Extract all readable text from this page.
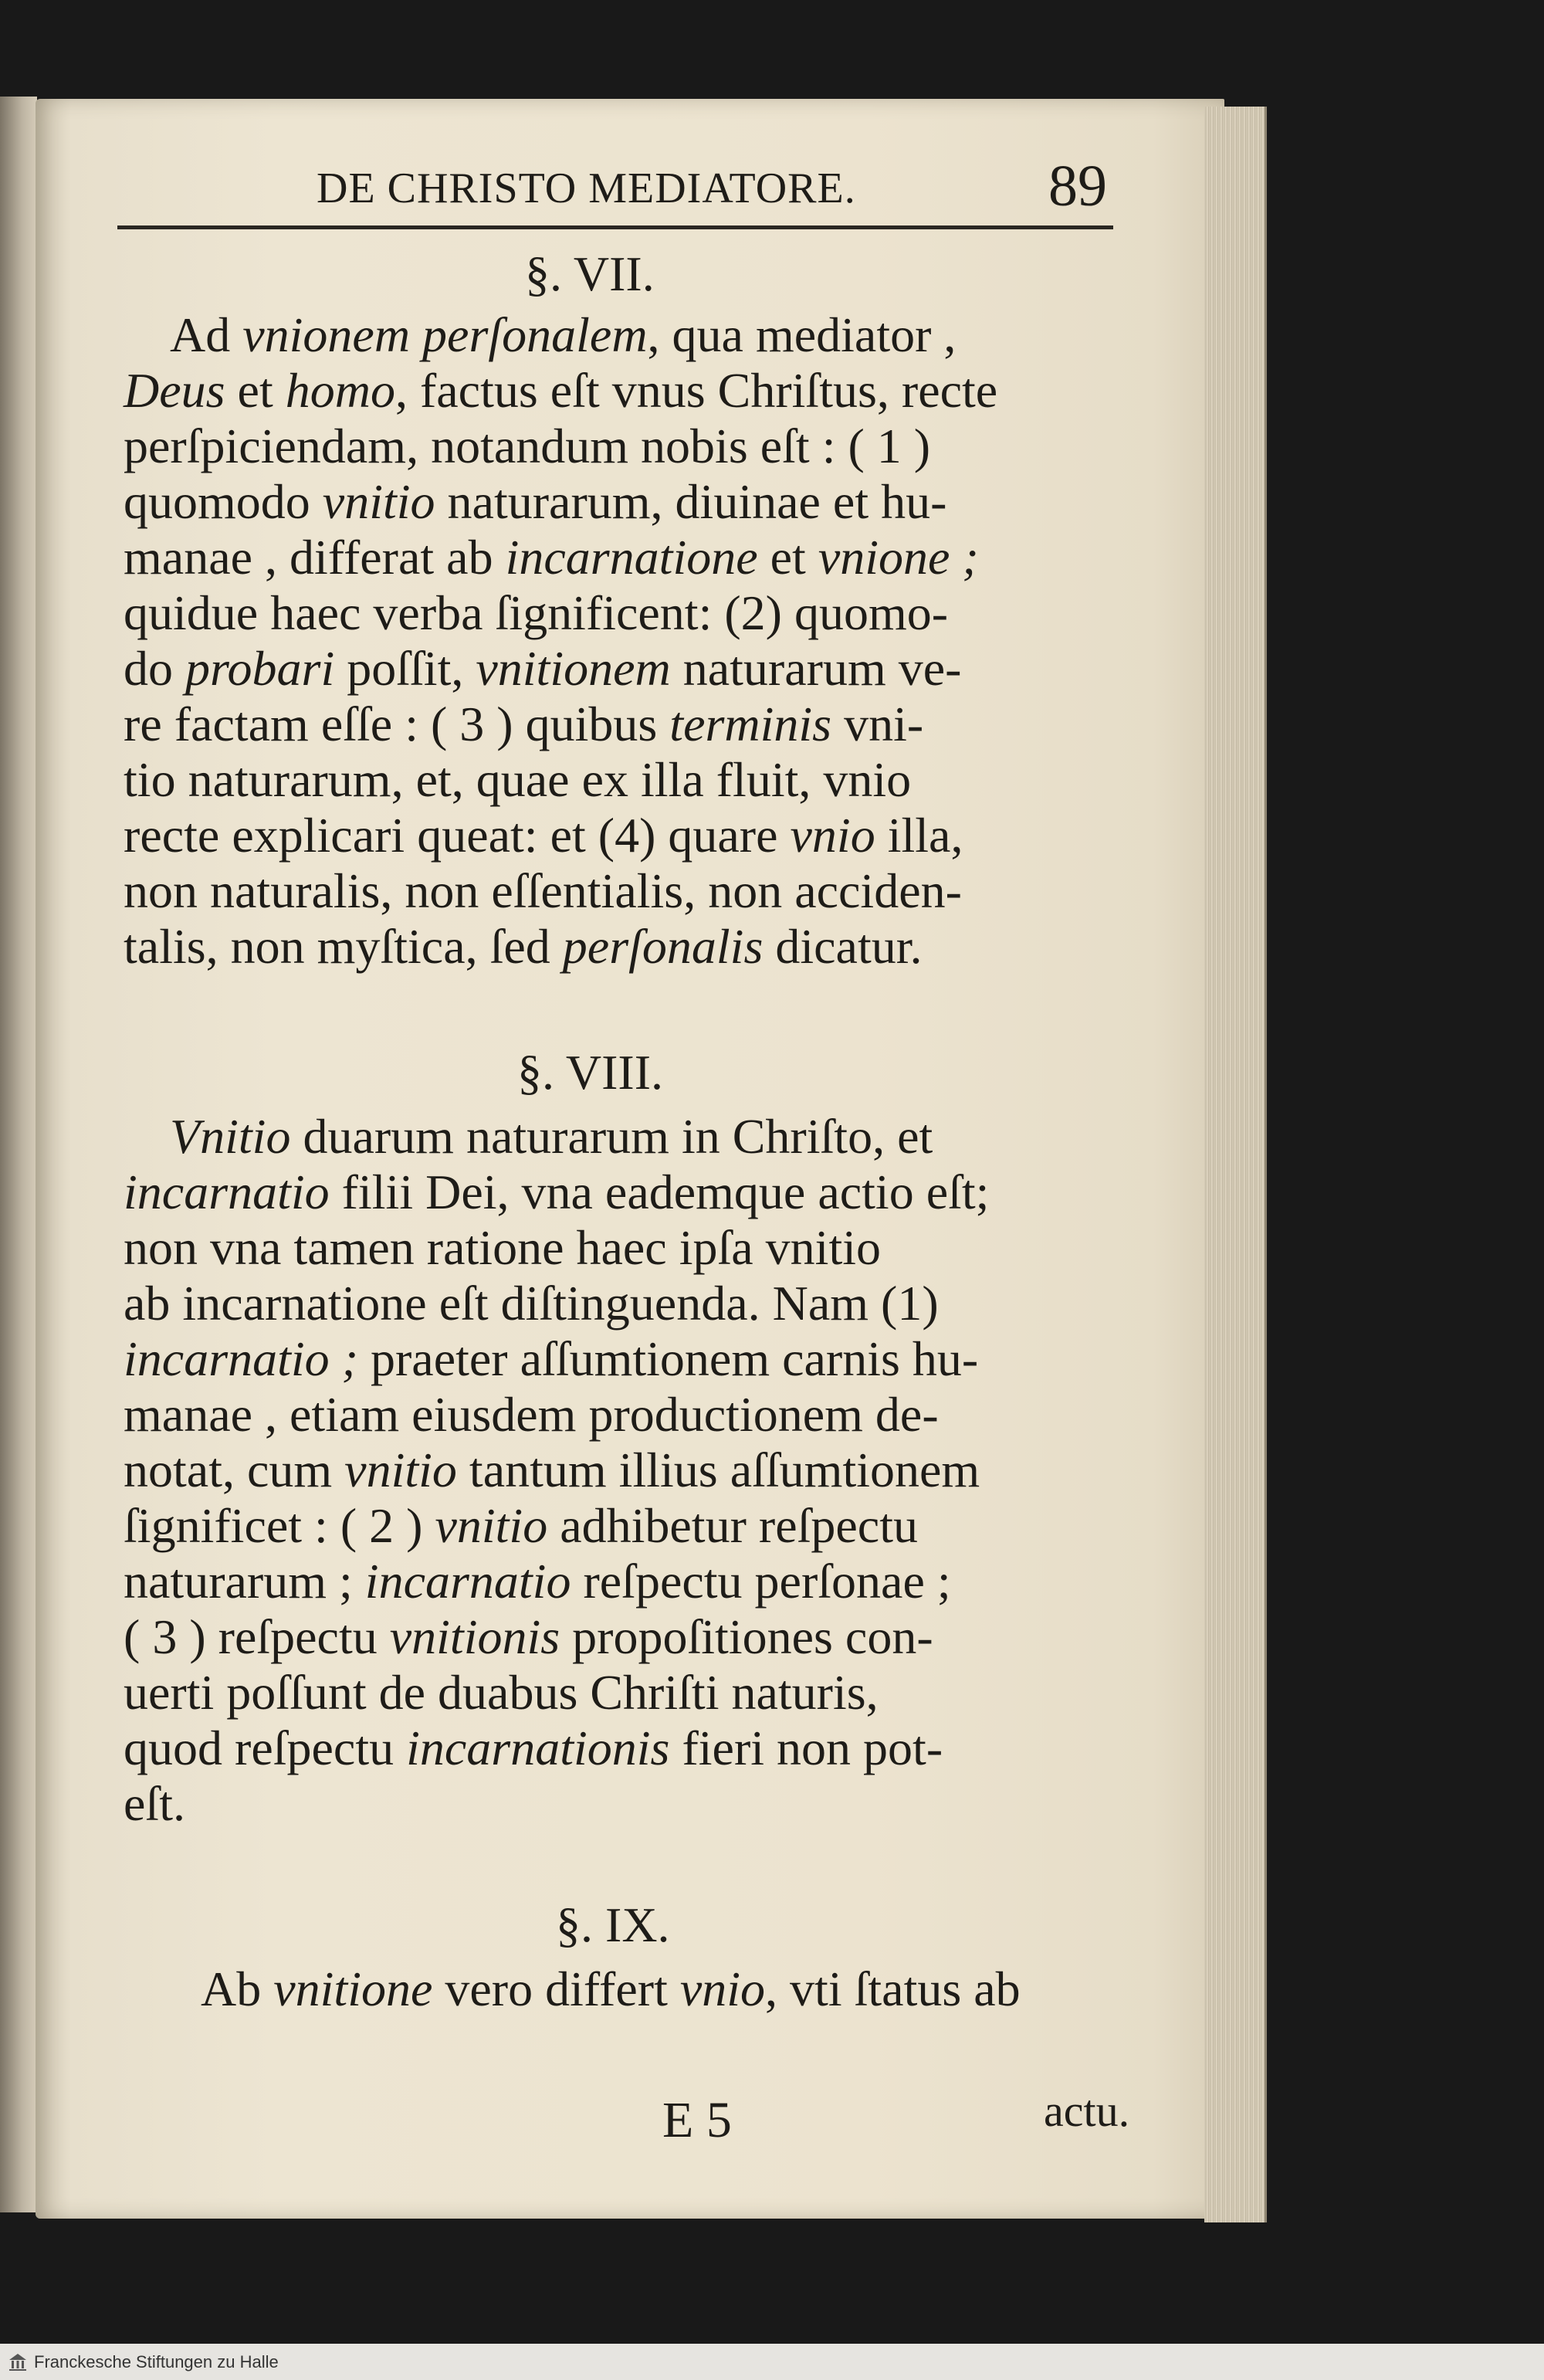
DE CHRISTO MEDIATORE.	89
§. VII.
Ad vnionem perſonalem, qua mediator ,
Deus et homo, factus eſt vnus Chriſtus, recte
perſpiciendam, notandum nobis eſt : ( 1 )
quomodo vnitio naturarum, diuinae et hu-
manae , differat ab incarnatione et vnione ;
quidue haec verba ſignificent: (2) quomo-
do probari poſſit, vnitionem naturarum ve-
re factam eſſe : ( 3 ) quibus terminis vni-
tio naturarum, et, quae ex illa fluit, vnio
recte explicari queat: et (4) quare vnio illa,
non naturalis, non eſſentialis, non acciden-
talis, non myſtica, ſed perſonalis dicatur.
§. VIII.
Vnitio duarum naturarum in Chriſto, et
incarnatio filii Dei, vna eademque actio eſt;
non vna tamen ratione haec ipſa vnitio
ab incarnatione eſt diſtinguenda. Nam (1)
incarnatio ; praeter aſſumtionem carnis hu-
manae , etiam eiusdem productionem de-
notat, cum vnitio tantum illius aſſumtionem
ſignificet : ( 2 ) vnitio adhibetur reſpectu
naturarum ; incarnatio reſpectu perſonae ;
( 3 ) reſpectu vnitionis propoſitiones con-
uerti poſſunt de duabus Chriſti naturis,
quod reſpectu incarnationis fieri non pot-
eſt.
§. IX.
Ab vnitione vero differt vnio, vti ſtatus ab
E 5	actu.
Franckesche Stiftungen zu Halle
